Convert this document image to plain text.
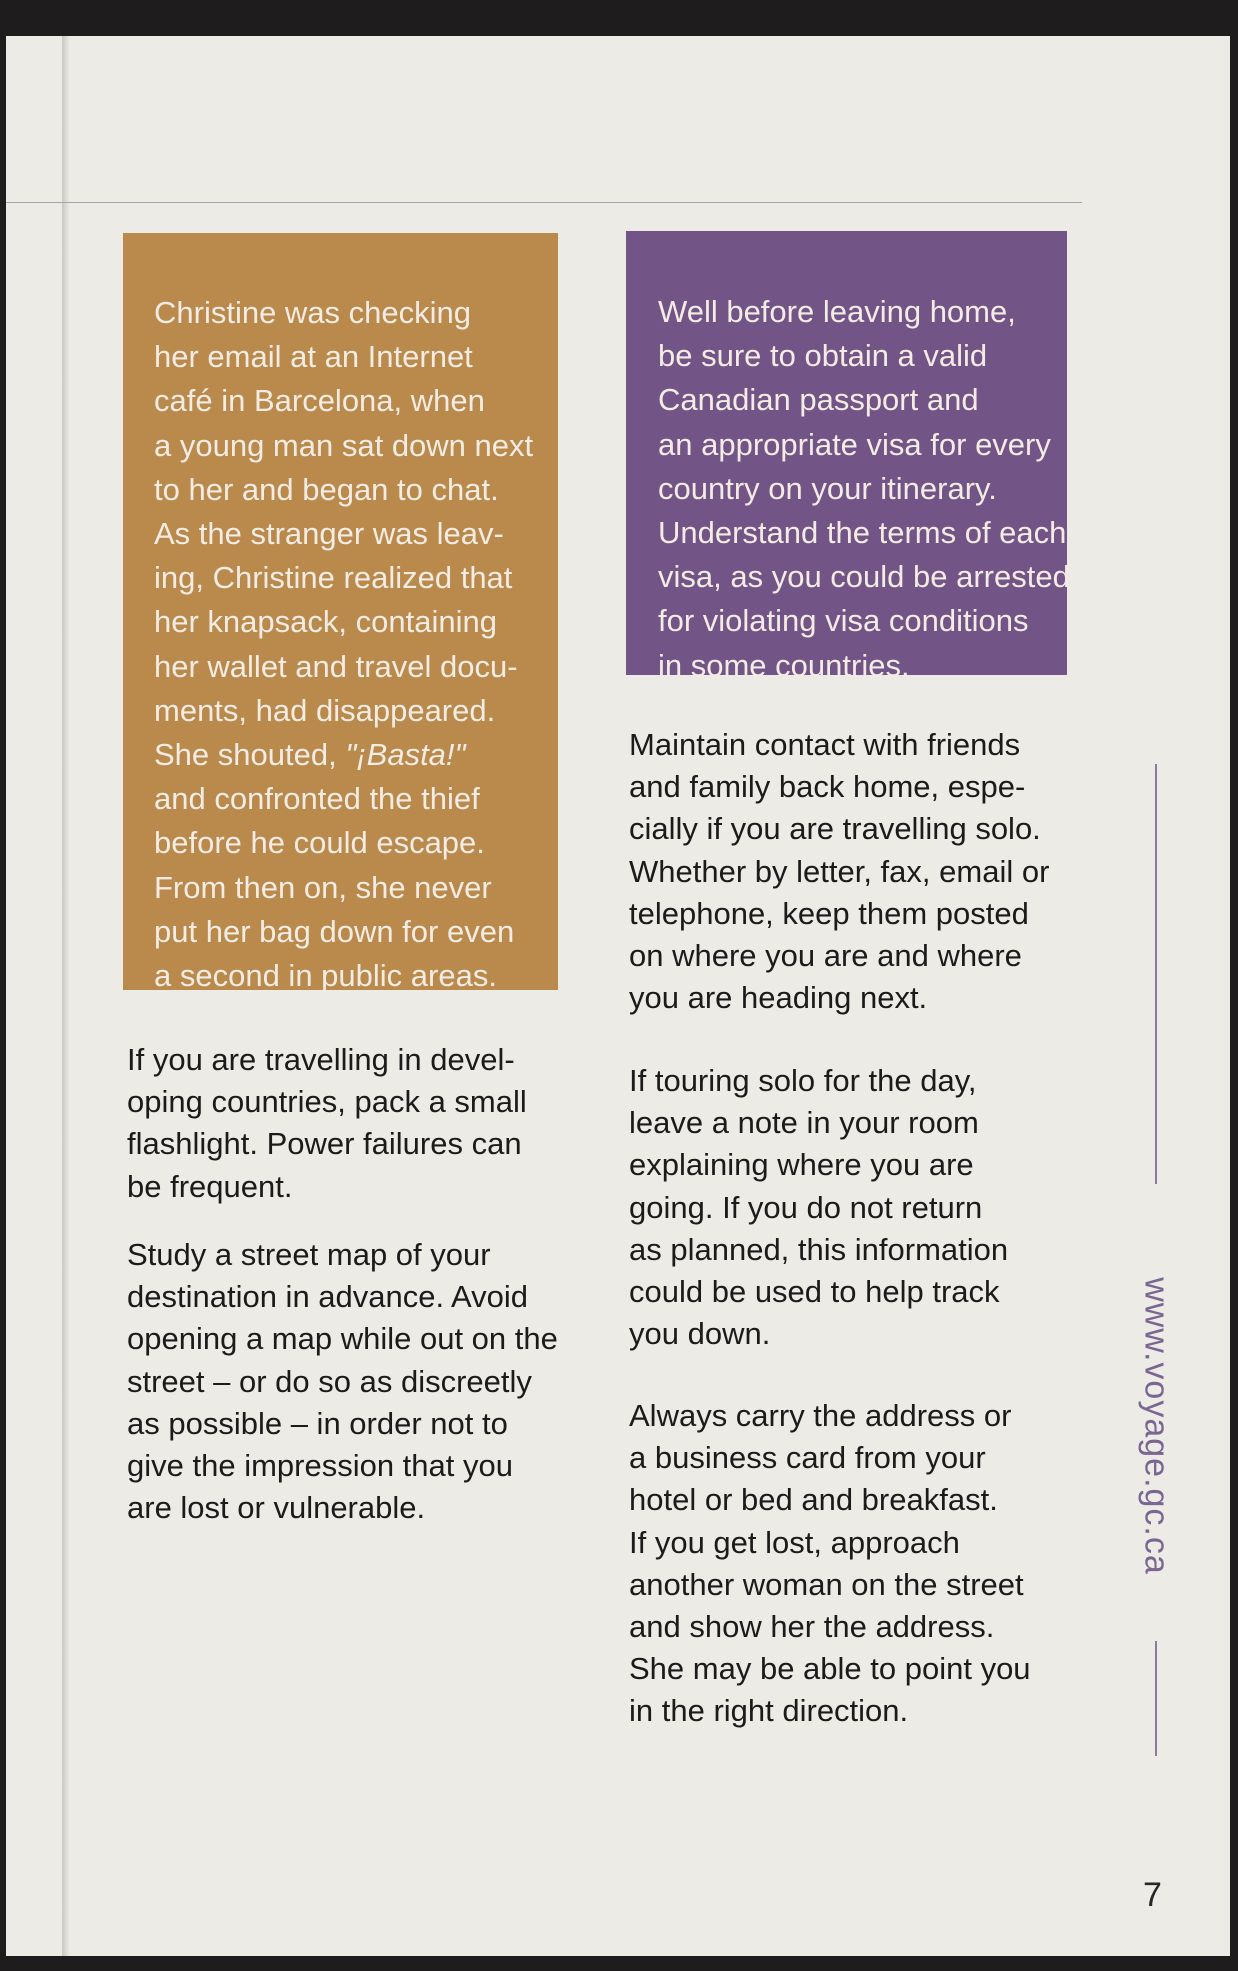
Christine was checking
her email at an Internet
café in Barcelona, when
a young man sat down next
to her and began to chat.
As the stranger was leav-
ing, Christine realized that
her knapsack, containing
her wallet and travel docu-
ments, had disappeared.
She shouted, "¡Basta!"
and confronted the thief
before he could escape.
From then on, she never
put her bag down for even
a second in public areas.
Well before leaving home,
be sure to obtain a valid
Canadian passport and
an appropriate visa for every
country on your itinerary.
Understand the terms of each
visa, as you could be arrested
for violating visa conditions
in some countries.
If you are travelling in devel-
oping countries, pack a small
flashlight. Power failures can
be frequent.
Study a street map of your
destination in advance. Avoid
opening a map while out on the
street – or do so as discreetly
as possible – in order not to
give the impression that you
are lost or vulnerable.
Maintain contact with friends
and family back home, espe-
cially if you are travelling solo.
Whether by letter, fax, email or
telephone, keep them posted
on where you are and where
you are heading next.
If touring solo for the day,
leave a note in your room
explaining where you are
going. If you do not return
as planned, this information
could be used to help track
you down.
Always carry the address or
a business card from your
hotel or bed and breakfast.
If you get lost, approach
another woman on the street
and show her the address.
She may be able to point you
in the right direction.
www.voyage.gc.ca
7
